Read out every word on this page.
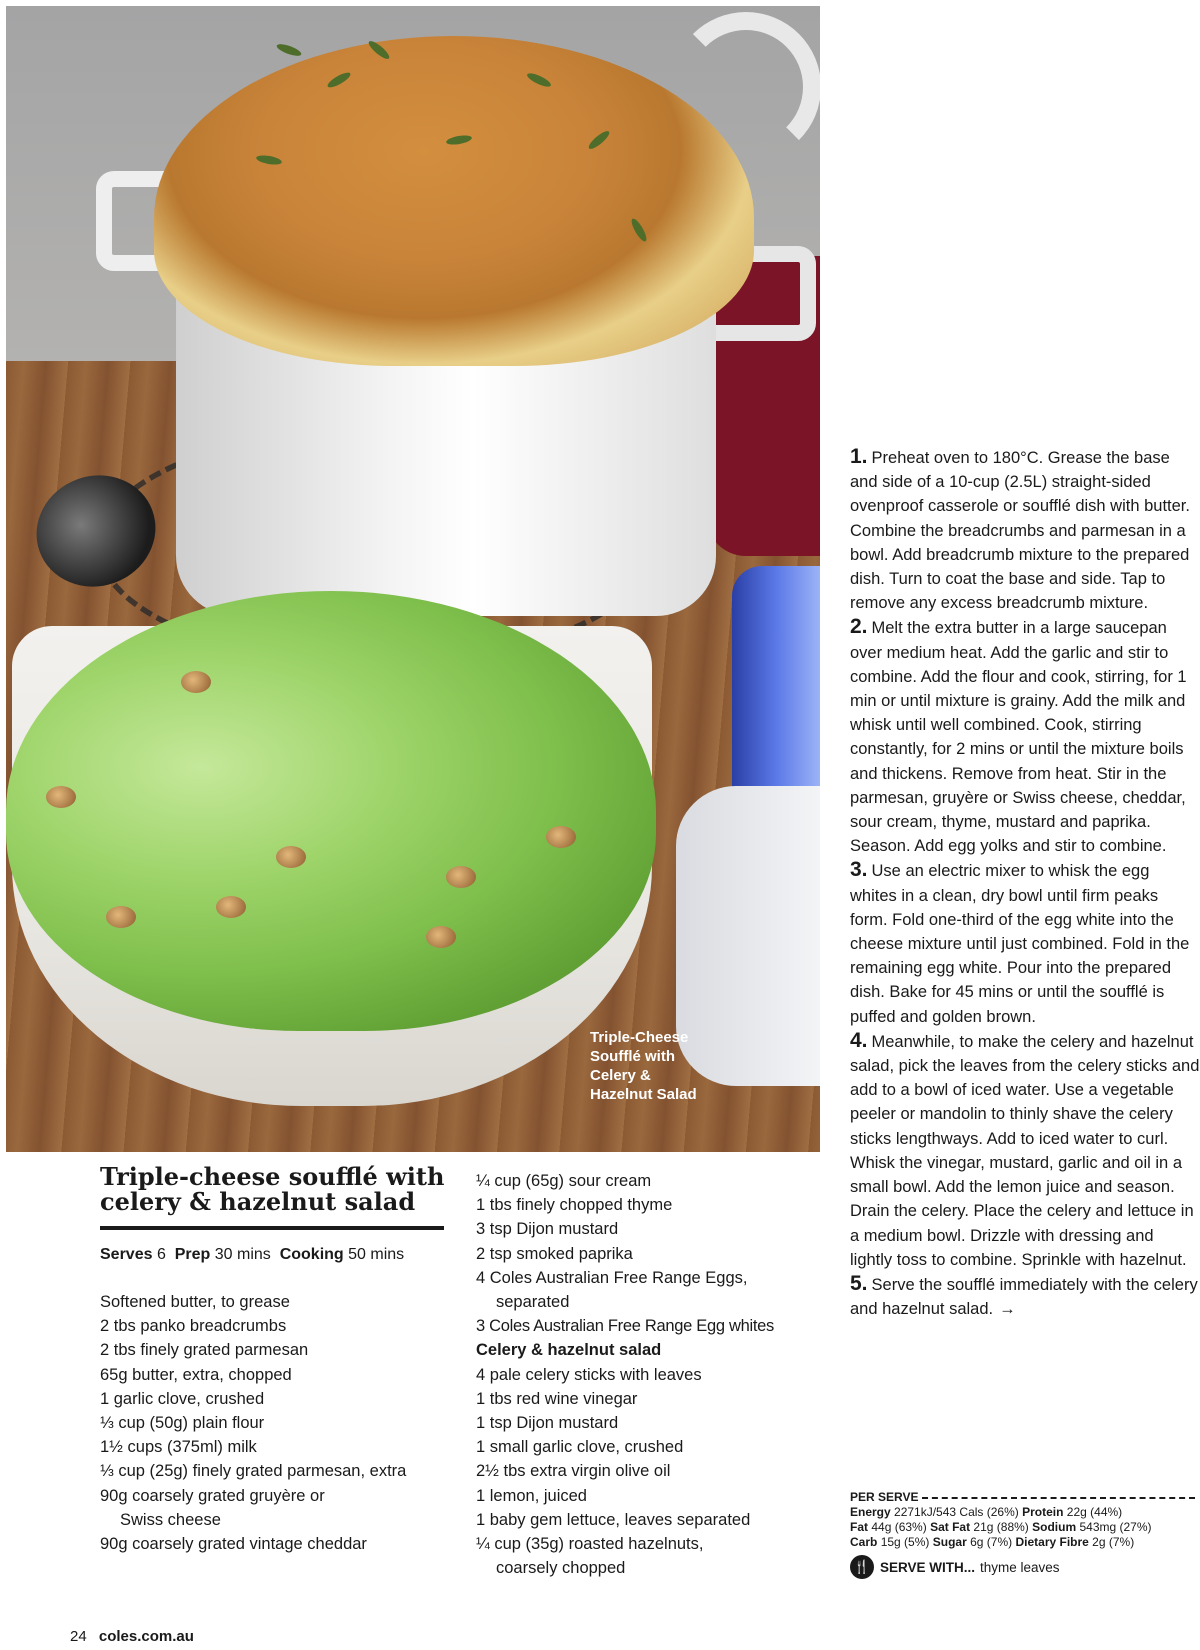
Triple-Cheese
Soufflé with
Celery &
Hazelnut Salad
Triple-cheese soufflé with celery & hazelnut salad
Serves 6 Prep 30 mins Cooking 50 mins
Softened butter, to grease
2 tbs panko breadcrumbs
2 tbs finely grated parmesan
65g butter, extra, chopped
1 garlic clove, crushed
⅓ cup (50g) plain flour
1½ cups (375ml) milk
⅓ cup (25g) finely grated parmesan, extra
90g coarsely grated gruyère or Swiss cheese
90g coarsely grated vintage cheddar
¼ cup (65g) sour cream
1 tbs finely chopped thyme
3 tsp Dijon mustard
2 tsp smoked paprika
4 Coles Australian Free Range Eggs, separated
3 Coles Australian Free Range Egg whites
Celery & hazelnut salad
4 pale celery sticks with leaves
1 tbs red wine vinegar
1 tsp Dijon mustard
1 small garlic clove, crushed
2½ tbs extra virgin olive oil
1 lemon, juiced
1 baby gem lettuce, leaves separated
¼ cup (35g) roasted hazelnuts, coarsely chopped
1. Preheat oven to 180°C. Grease the base and side of a 10-cup (2.5L) straight-sided ovenproof casserole or soufflé dish with butter. Combine the breadcrumbs and parmesan in a bowl. Add breadcrumb mixture to the prepared dish. Turn to coat the base and side. Tap to remove any excess breadcrumb mixture.
2. Melt the extra butter in a large saucepan over medium heat. Add the garlic and stir to combine. Add the flour and cook, stirring, for 1 min or until mixture is grainy. Add the milk and whisk until well combined. Cook, stirring constantly, for 2 mins or until the mixture boils and thickens. Remove from heat. Stir in the parmesan, gruyère or Swiss cheese, cheddar, sour cream, thyme, mustard and paprika. Season. Add egg yolks and stir to combine.
3. Use an electric mixer to whisk the egg whites in a clean, dry bowl until firm peaks form. Fold one-third of the egg white into the cheese mixture until just combined. Fold in the remaining egg white. Pour into the prepared dish. Bake for 45 mins or until the soufflé is puffed and golden brown.
4. Meanwhile, to make the celery and hazelnut salad, pick the leaves from the celery sticks and add to a bowl of iced water. Use a vegetable peeler or mandolin to thinly shave the celery sticks lengthways. Add to iced water to curl. Whisk the vinegar, mustard, garlic and oil in a small bowl. Add the lemon juice and season. Drain the celery. Place the celery and lettuce in a medium bowl. Drizzle with dressing and lightly toss to combine. Sprinkle with hazelnut.
5. Serve the soufflé immediately with the celery and hazelnut salad. →
PER SERVE
Energy 2271kJ/543 Cals (26%) Protein 22g (44%)
Fat 44g (63%) Sat Fat 21g (88%) Sodium 543mg (27%)
Carb 15g (5%) Sugar 6g (7%) Dietary Fibre 2g (7%)
🍴 SERVE WITH... thyme leaves
24 coles.com.au
